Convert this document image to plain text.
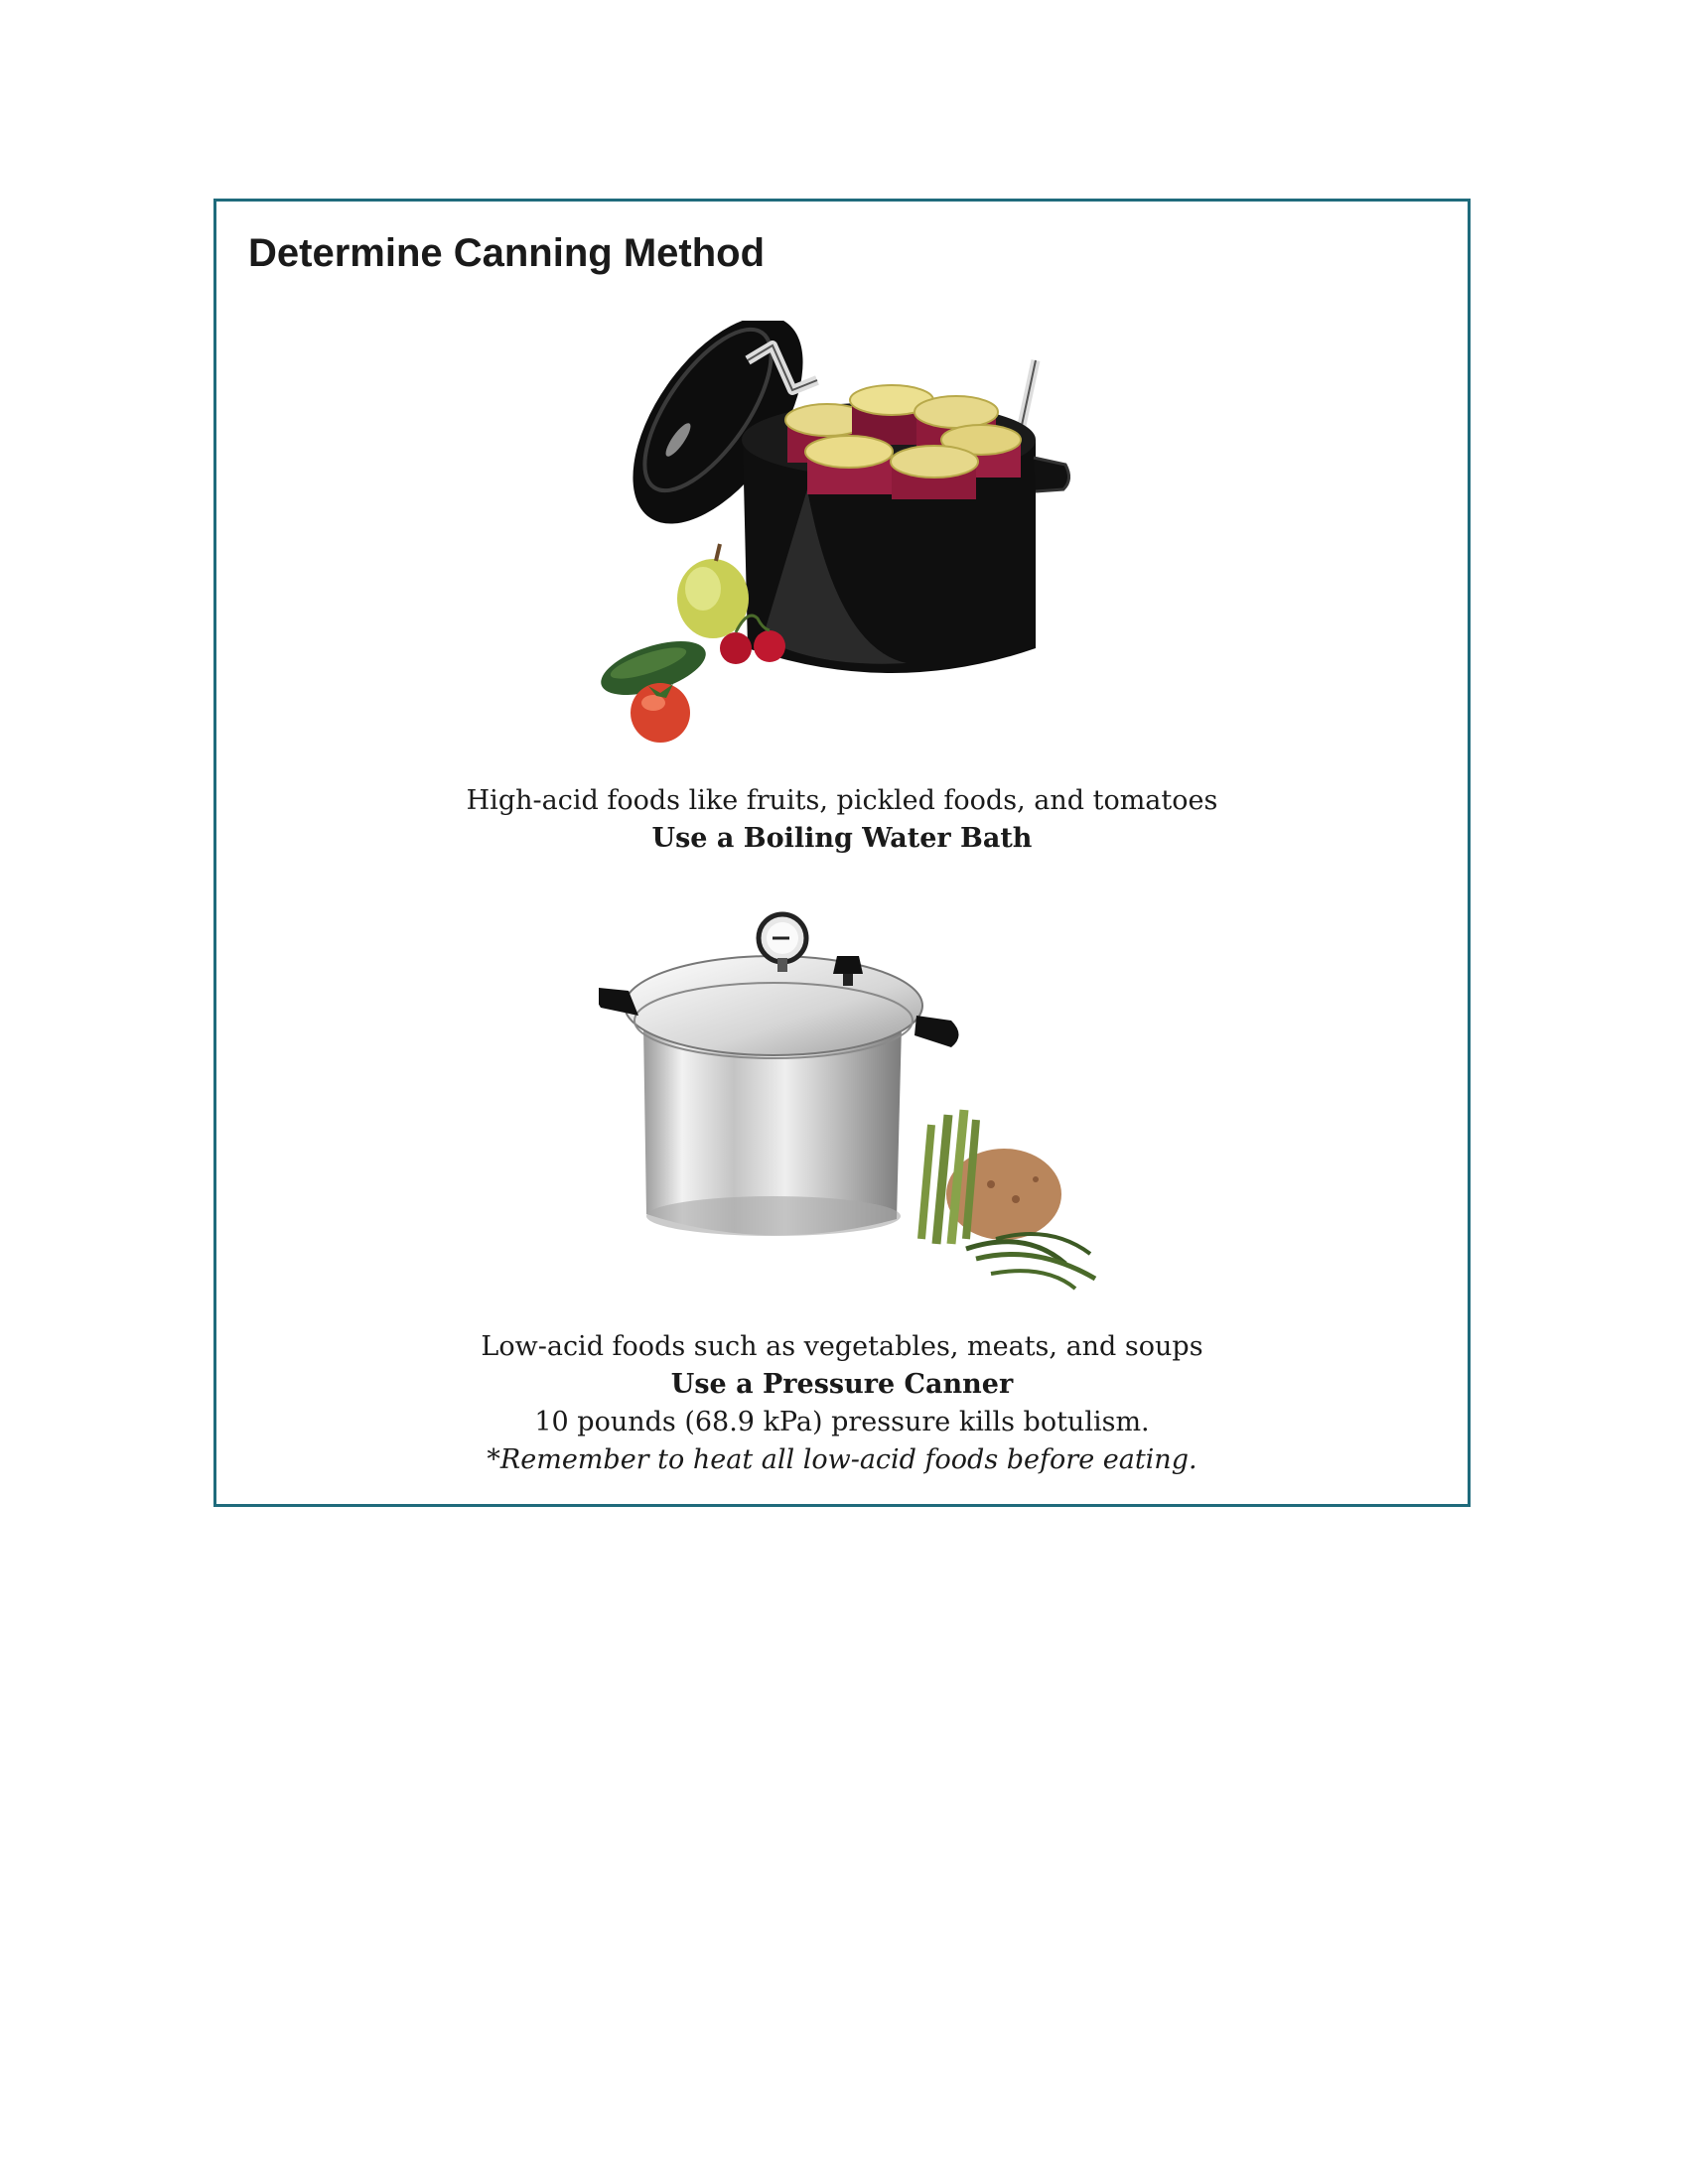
Determine Canning Method

High-acid foods like fruits, pickled foods, and tomatoes

Use a Boiling Water Bath

Low-acid foods such as vegetables, meats, and soups

Use a Pressure Canner

10 pounds (68.9 kPa) pressure kills botulism.

*Remember to heat all low-acid foods before eating.
